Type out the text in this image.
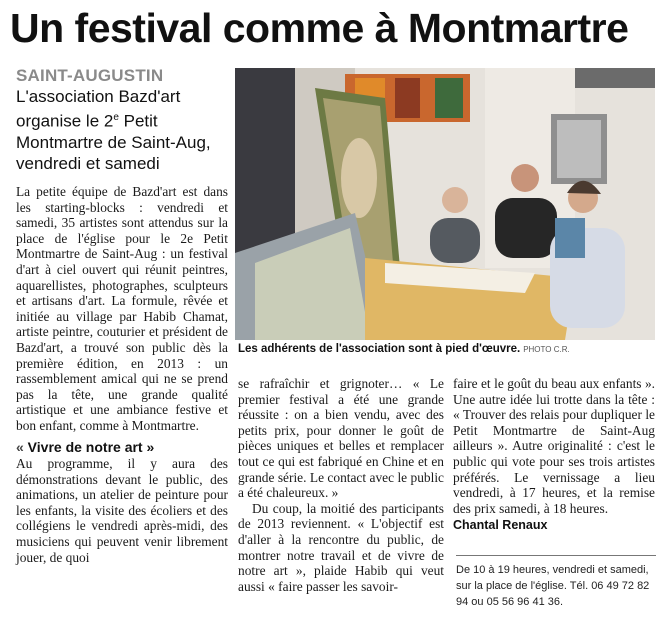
Un festival comme à Montmartre
SAINT-AUGUSTIN
L'association Bazd'art organise le 2e Petit Montmartre de Saint-Aug, vendredi et samedi
Les adhérents de l'association sont à pied d'œuvre. PHOTO C.R.

La petite équipe de Bazd'art est dans les starting-blocks : vendredi et samedi, 35 artistes sont attendus sur la place de l'église pour le 2e Petit Montmartre de Saint-Aug : un festival d'art à ciel ouvert qui réunit peintres, aquarellistes, photographes, sculpteurs et artisans d'art. La formule, rêvée et initiée au village par Habib Chamat, artiste peintre, couturier et président de Bazd'art, a trouvé son public dès la première édition, en 2013 : un rassemblement amical qui ne se prend pas la tête, une grande qualité artistique et une ambiance festive et bon enfant, comme à Montmartre.

« Vivre de notre art »

Au programme, il y aura des démonstrations devant le public, des animations, un atelier de peinture pour les enfants, la visite des écoliers et des collégiens le vendredi après-midi, des musiciens qui peuvent venir librement jouer, de quoi

se rafraîchir et grignoter… « Le premier festival a été une grande réussite : on a bien vendu, avec des petits prix, pour donner le goût de pièces uniques et belles et remplacer tout ce qui est fabriqué en Chine et en grande série. Le contact avec le public a été chaleureux. »

Du coup, la moitié des participants de 2013 reviennent. « L'objectif est d'aller à la rencontre du public, de montrer notre travail et de vivre de notre art », plaide Habib qui veut aussi « faire passer les savoir-

faire et le goût du beau aux enfants ». Une autre idée lui trotte dans la tête : « Trouver des relais pour dupliquer le Petit Montmartre de Saint-Aug ailleurs ». Autre originalité : c'est le public qui vote pour ses trois artistes préférés. Le vernissage a lieu vendredi, à 17 heures, et la remise des prix samedi, à 18 heures.

Chantal Renaux
De 10 à 19 heures, vendredi et samedi, sur la place de l'église. Tél. 06 49 72 82 94 ou 05 56 96 41 36.
